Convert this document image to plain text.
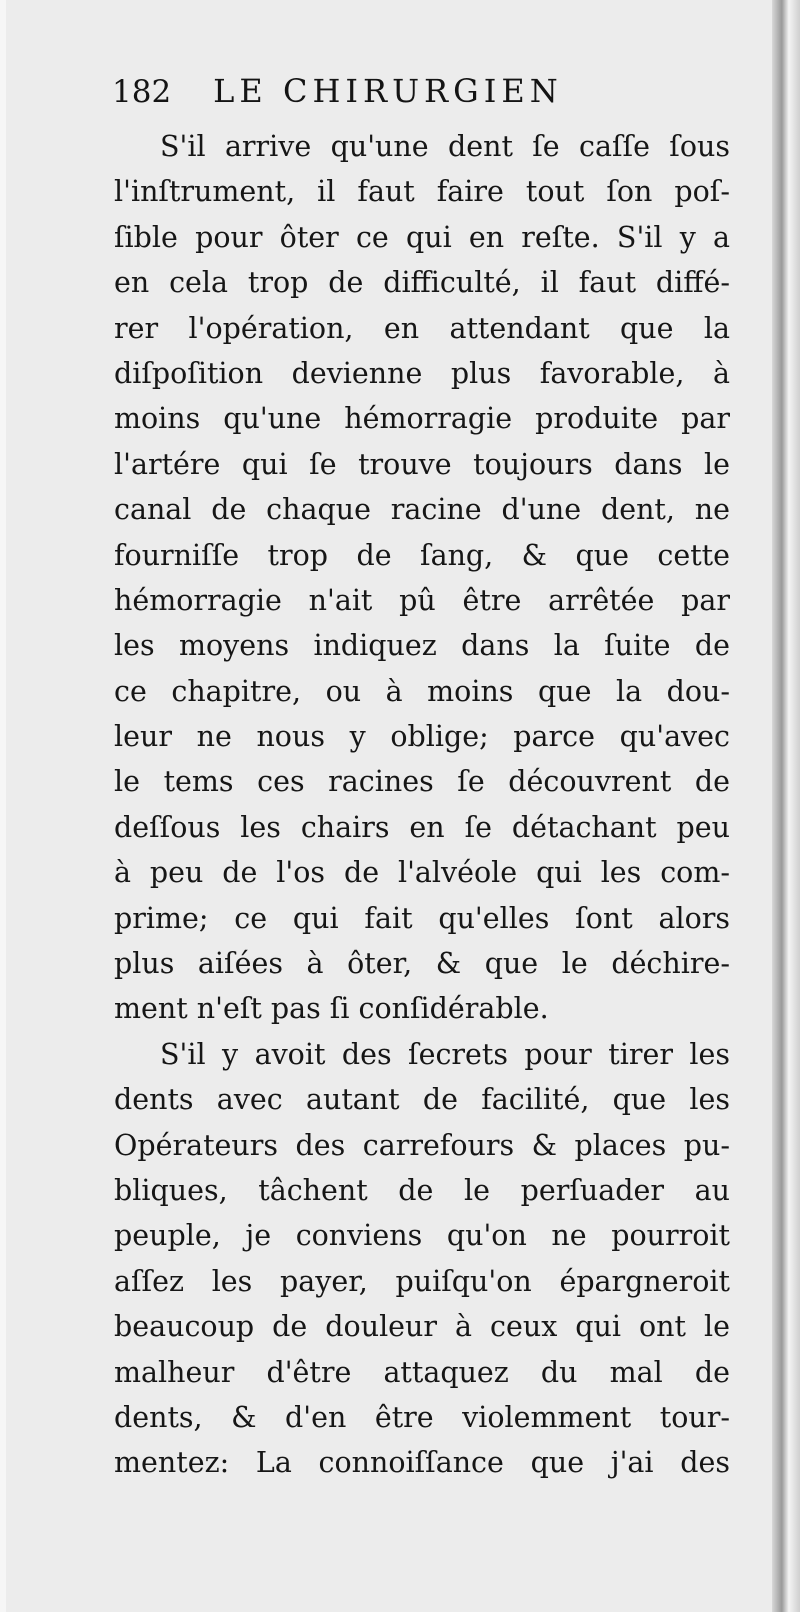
182 LE CHIRURGIEN
S'il arrive qu'une dent ſe caſſe ſous
l'inſtrument, il faut faire tout ſon poſ-
ſible pour ôter ce qui en reſte. S'il y a
en cela trop de difficulté, il faut diffé-
rer l'opération, en attendant que la
diſpoſition devienne plus favorable, à
moins qu'une hémorragie produite par
l'artére qui ſe trouve toujours dans le
canal de chaque racine d'une dent, ne
fourniſſe trop de ſang, & que cette
hémorragie n'ait pû être arrêtée par
les moyens indiquez dans la ſuite de
ce chapitre, ou à moins que la dou-
leur ne nous y oblige; parce qu'avec
le tems ces racines ſe découvrent de
deſſous les chairs en ſe détachant peu
à peu de l'os de l'alvéole qui les com-
prime; ce qui fait qu'elles ſont alors
plus aiſées à ôter, & que le déchire-
ment n'eſt pas ſi conſidérable.
S'il y avoit des ſecrets pour tirer les
dents avec autant de facilité, que les
Opérateurs des carrefours & places pu-
bliques, tâchent de le perſuader au
peuple, je conviens qu'on ne pourroit
aſſez les payer, puiſqu'on épargneroit
beaucoup de douleur à ceux qui ont le
malheur d'être attaquez du mal de
dents, & d'en être violemment tour-
mentez: La connoiſſance que j'ai des
